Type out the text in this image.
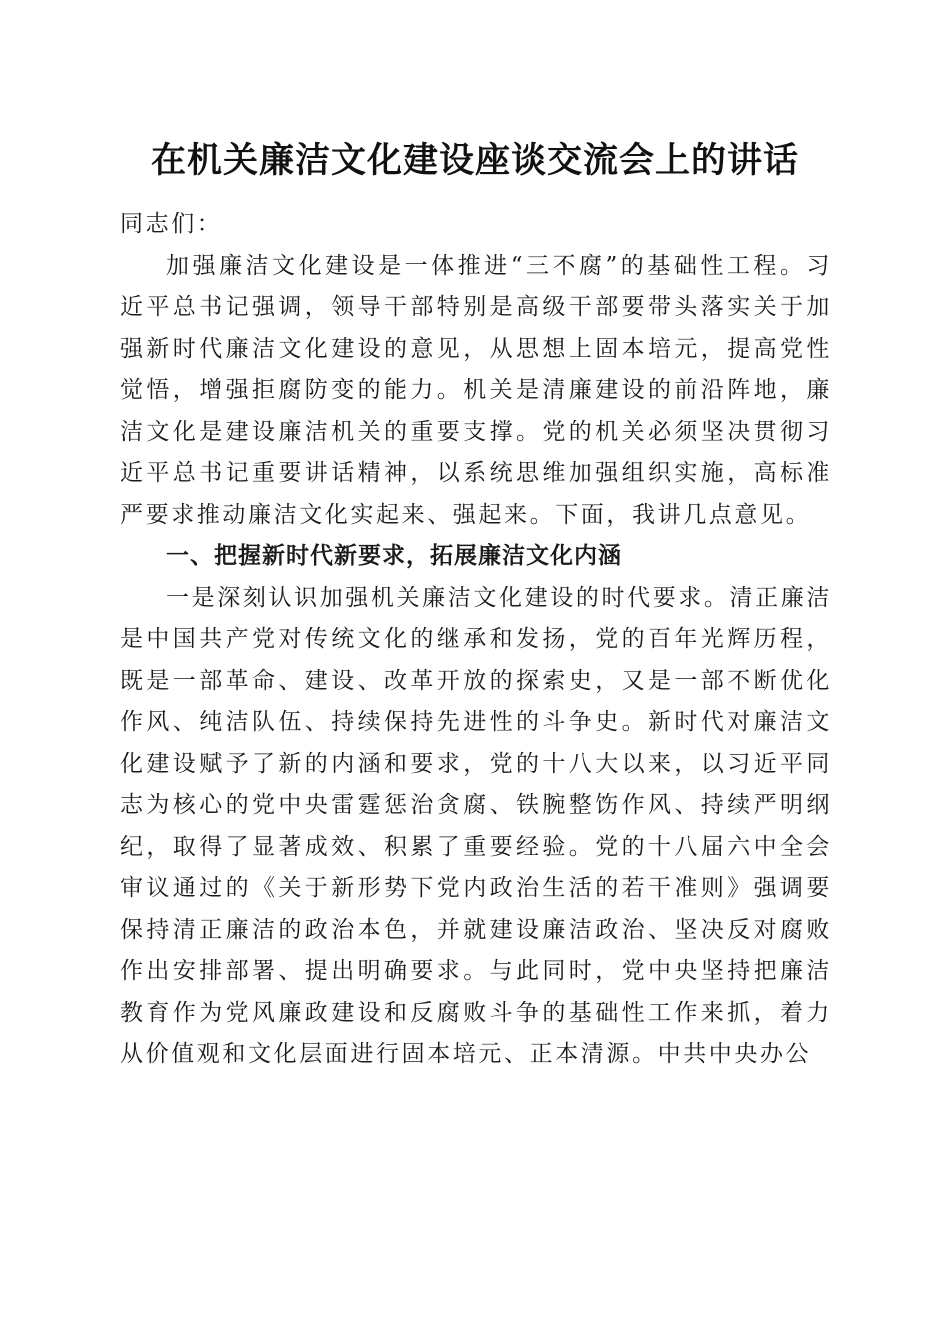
在机关廉洁文化建设座谈交流会上的讲话

同志们：

加强廉洁文化建设是一体推进“三不腐”的基础性工程。习近平总书记强调，领导干部特别是高级干部要带头落实关于加强新时代廉洁文化建设的意见，从思想上固本培元，提高党性觉悟，增强拒腐防变的能力。机关是清廉建设的前沿阵地，廉洁文化是建设廉洁机关的重要支撑。党的机关必须坚决贯彻习近平总书记重要讲话精神，以系统思维加强组织实施，高标准严要求推动廉洁文化实起来、强起来。下面，我讲几点意见。

一、把握新时代新要求，拓展廉洁文化内涵

一是深刻认识加强机关廉洁文化建设的时代要求。清正廉洁是中国共产党对传统文化的继承和发扬，党的百年光辉历程，既是一部革命、建设、改革开放的探索史，又是一部不断优化作风、纯洁队伍、持续保持先进性的斗争史。新时代对廉洁文化建设赋予了新的内涵和要求，党的十八大以来，以习近平同志为核心的党中央雷霆惩治贪腐、铁腕整饬作风、持续严明纲纪，取得了显著成效、积累了重要经验。党的十八届六中全会审议通过的《关于新形势下党内政治生活的若干准则》强调要保持清正廉洁的政治本色，并就建设廉洁政治、坚决反对腐败作出安排部署、提出明确要求。与此同时，党中央坚持把廉洁教育作为党风廉政建设和反腐败斗争的基础性工作来抓，着力从价值观和文化层面进行固本培元、正本清源。中共中央办公
